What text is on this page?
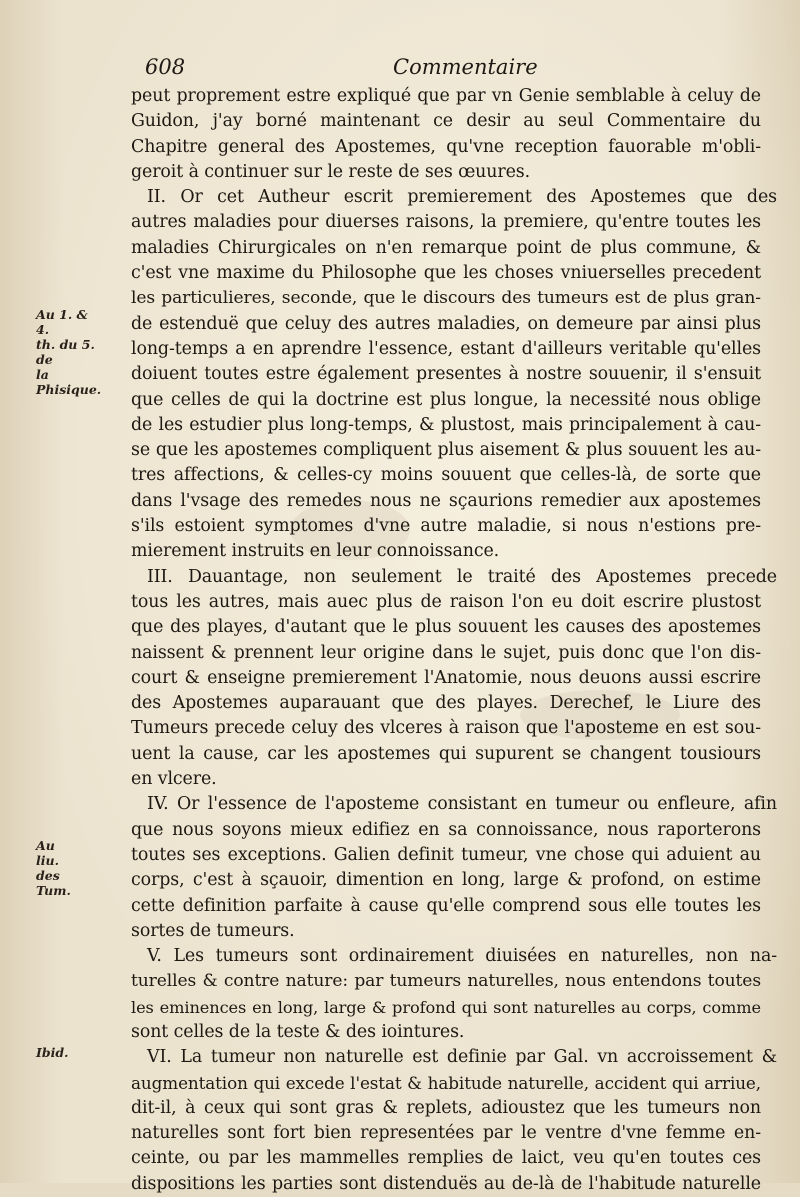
608	Commentaire
Au 1. & 4.
th. du 5. de
la Phisique.
Au liu. des
Tum.
Ibid.
peut proprement estre expliqué que par vn Genie semblable à celuy de
Guidon, j'ay borné maintenant ce desir au seul Commentaire du
Chapitre general des Apostemes, qu'vne reception fauorable m'obli-
geroit à continuer sur le reste de ses œuures.
II. Or cet Autheur escrit premierement des Apostemes que des
autres maladies pour diuerses raisons, la premiere, qu'entre toutes les
maladies Chirurgicales on n'en remarque point de plus commune, &
c'est vne maxime du Philosophe que les choses vniuerselles precedent
les particulieres, seconde, que le discours des tumeurs est de plus gran-
de estenduë que celuy des autres maladies, on demeure par ainsi plus
long-temps a en aprendre l'essence, estant d'ailleurs veritable qu'elles
doiuent toutes estre également presentes à nostre souuenir, il s'ensuit
que celles de qui la doctrine est plus longue, la necessité nous oblige
de les estudier plus long-temps, & plustost, mais principalement à cau-
se que les apostemes compliquent plus aisement & plus souuent les au-
tres affections, & celles-cy moins souuent que celles-là, de sorte que
dans l'vsage des remedes nous ne sçaurions remedier aux apostemes
s'ils estoient symptomes d'vne autre maladie, si nous n'estions pre-
mierement instruits en leur connoissance.
III. Dauantage, non seulement le traité des Apostemes precede
tous les autres, mais auec plus de raison l'on eu doit escrire plustost
que des playes, d'autant que le plus souuent les causes des apostemes
naissent & prennent leur origine dans le sujet, puis donc que l'on dis-
court & enseigne premierement l'Anatomie, nous deuons aussi escrire
des Apostemes auparauant que des playes. Derechef, le Liure des
Tumeurs precede celuy des vlceres à raison que l'aposteme en est sou-
uent la cause, car les apostemes qui supurent se changent tousiours
en vlcere.
IV. Or l'essence de l'aposteme consistant en tumeur ou enfleure, afin
que nous soyons mieux edifiez en sa connoissance, nous raporterons
toutes ses exceptions. Galien definit tumeur, vne chose qui aduient au
corps, c'est à sçauoir, dimention en long, large & profond, on estime
cette definition parfaite à cause qu'elle comprend sous elle toutes les
sortes de tumeurs.
V. Les tumeurs sont ordinairement diuisées en naturelles, non na-
turelles & contre nature: par tumeurs naturelles, nous entendons toutes
les eminences en long, large & profond qui sont naturelles au corps, comme
sont celles de la teste & des iointures.
VI. La tumeur non naturelle est definie par Gal. vn accroissement &
augmentation qui excede l'estat & habitude naturelle, accident qui arriue,
dit-il, à ceux qui sont gras & replets, adioustez que les tumeurs non
naturelles sont fort bien representées par le ventre d'vne femme en-
ceinte, ou par les mammelles remplies de laict, veu qu'en toutes ces
dispositions les parties sont distenduës au de-là de l'habitude naturelle
